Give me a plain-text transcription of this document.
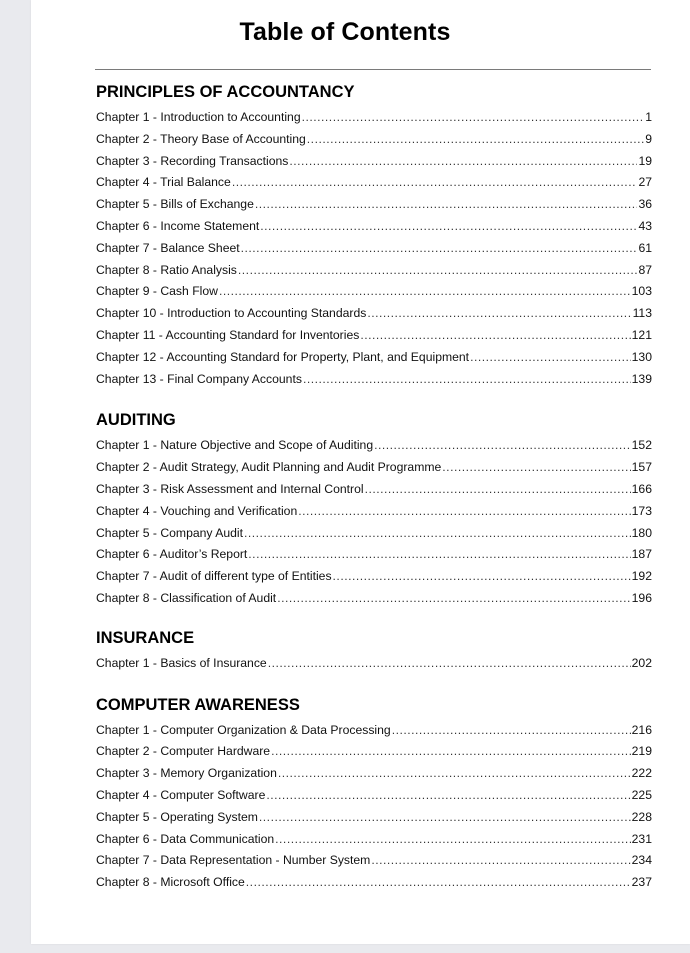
Table of Contents
PRINCIPLES OF ACCOUNTANCY
Chapter 1 - Introduction to Accounting .....	1
Chapter 2 - Theory Base of Accounting .....	9
Chapter 3 - Recording Transactions .....	19
Chapter 4 - Trial Balance .....	27
Chapter 5 - Bills of Exchange .....	36
Chapter 6 - Income Statement .....	43
Chapter 7 - Balance Sheet .....	61
Chapter 8 - Ratio Analysis .....	87
Chapter 9 - Cash Flow .....	103
Chapter 10 - Introduction to Accounting Standards .....	113
Chapter 11 - Accounting Standard for Inventories .....	121
Chapter 12 - Accounting Standard for Property, Plant, and Equipment .....	130
Chapter 13 - Final Company Accounts .....	139
AUDITING
Chapter 1 - Nature Objective and Scope of Auditing .....	152
Chapter 2 - Audit Strategy, Audit Planning and Audit Programme .....	157
Chapter 3 - Risk Assessment and Internal Control .....	166
Chapter 4 - Vouching and Verification .....	173
Chapter 5 - Company Audit .....	180
Chapter 6 - Auditor’s Report .....	187
Chapter 7 - Audit of different type of Entities .....	192
Chapter 8 - Classification of Audit .....	196
INSURANCE
Chapter 1 - Basics of Insurance .....	202
COMPUTER AWARENESS
Chapter 1 - Computer Organization & Data Processing .....	216
Chapter 2 - Computer Hardware .....	219
Chapter 3 - Memory Organization .....	222
Chapter 4 - Computer Software .....	225
Chapter 5 - Operating System .....	228
Chapter 6 - Data Communication .....	231
Chapter 7 - Data Representation - Number System .....	234
Chapter 8 - Microsoft Office .....	237
